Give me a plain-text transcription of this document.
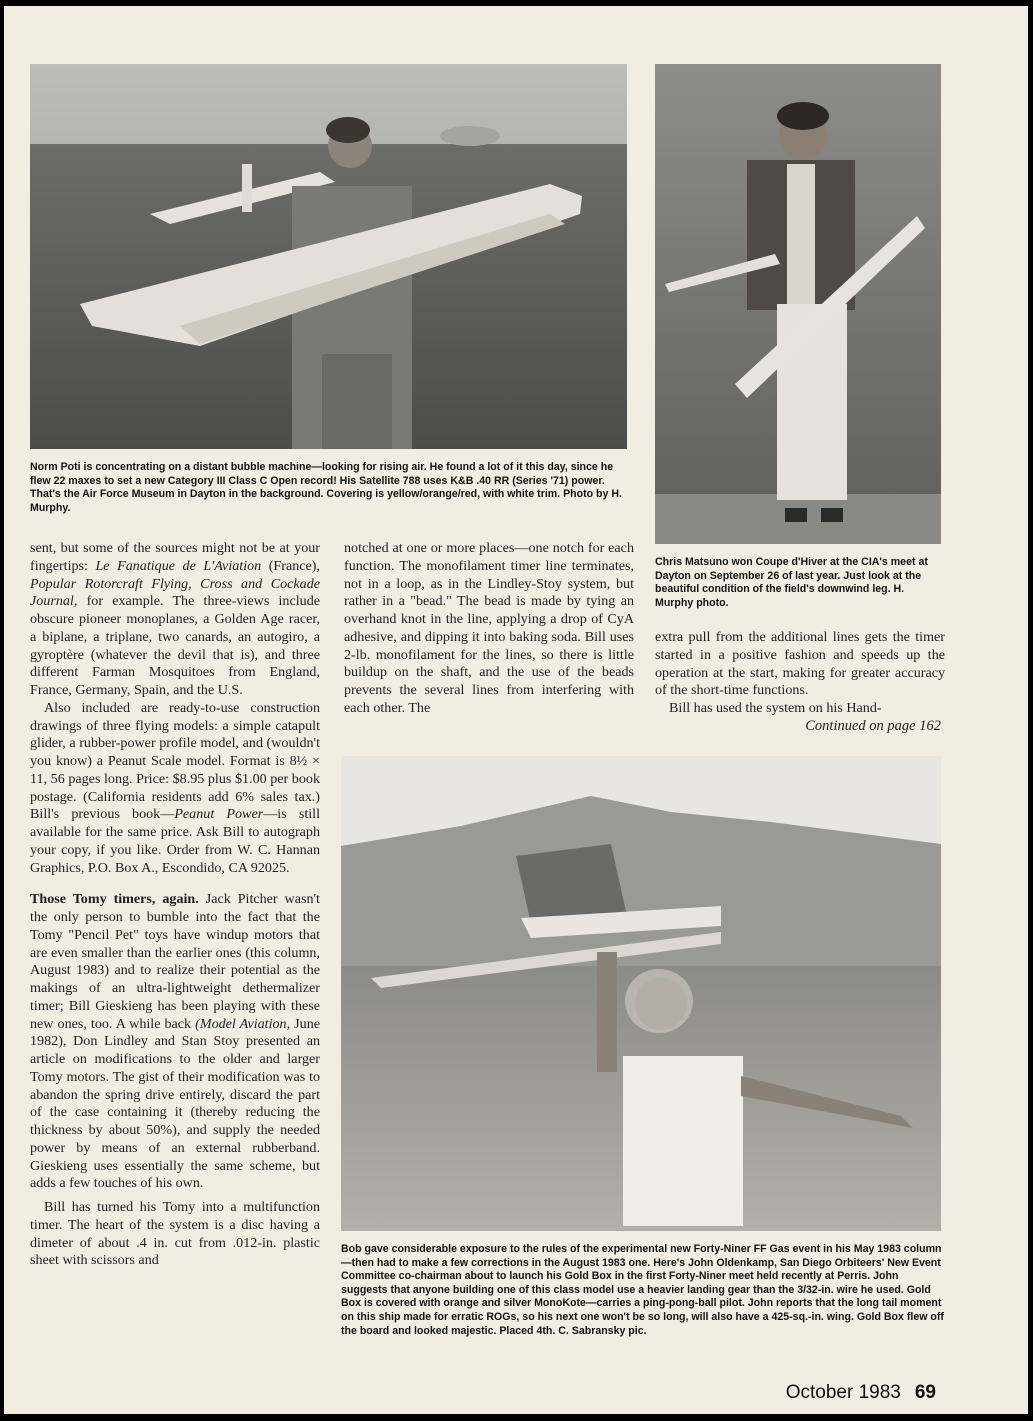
Norm Poti is concentrating on a distant bubble machine—looking for rising air. He found a lot of it this day, since he flew 22 maxes to set a new Category III Class C Open record! His Satellite 788 uses K&B .40 RR (Series '71) power. That's the Air Force Museum in Dayton in the background. Covering is yellow/orange/red, with white trim. Photo by H. Murphy.

Chris Matsuno won Coupe d'Hiver at the CIA's meet at Dayton on September 26 of last year. Just look at the beautiful condition of the field's downwind leg. H. Murphy photo.

sent, but some of the sources might not be at your fingertips: Le Fanatique de L'Aviation (France), Popular Rotorcraft Flying, Cross and Cockade Journal, for example. The three-views include obscure pioneer monoplanes, a Golden Age racer, a biplane, a triplane, two canards, an autogiro, a gyroptère (whatever the devil that is), and three different Farman Mosquitoes from England, France, Germany, Spain, and the U.S.

Also included are ready-to-use construction drawings of three flying models: a simple catapult glider, a rubber-power profile model, and (wouldn't you know) a Peanut Scale model. Format is 8½ × 11, 56 pages long. Price: $8.95 plus $1.00 per book postage. (California residents add 6% sales tax.) Bill's previous book—Peanut Power—is still available for the same price. Ask Bill to autograph your copy, if you like. Order from W. C. Hannan Graphics, P.O. Box A., Escondido, CA 92025.

Those Tomy timers, again. Jack Pitcher wasn't the only person to bumble into the fact that the Tomy "Pencil Pet" toys have windup motors that are even smaller than the earlier ones (this column, August 1983) and to realize their potential as the makings of an ultra-lightweight dethermalizer timer; Bill Gieskieng has been playing with these new ones, too. A while back (Model Aviation, June 1982), Don Lindley and Stan Stoy presented an article on modifications to the older and larger Tomy motors. The gist of their modification was to abandon the spring drive entirely, discard the part of the case containing it (thereby reducing the thickness by about 50%), and supply the needed power by means of an external rubberband. Gieskieng uses essentially the same scheme, but adds a few touches of his own.

Bill has turned his Tomy into a multifunction timer. The heart of the system is a disc having a dimeter of about .4 in. cut from .012-in. plastic sheet with scissors and

notched at one or more places—one notch for each function. The monofilament timer line terminates, not in a loop, as in the Lindley-Stoy system, but rather in a "bead." The bead is made by tying an overhand knot in the line, applying a drop of CyA adhesive, and dipping it into baking soda. Bill uses 2-lb. monofilament for the lines, so there is little buildup on the shaft, and the use of the beads prevents the several lines from interfering with each other. The

extra pull from the additional lines gets the timer started in a positive fashion and speeds up the operation at the start, making for greater accuracy of the short-time functions.

Bill has used the system on his Hand-

Continued on page 162

Bob gave considerable exposure to the rules of the experimental new Forty-Niner FF Gas event in his May 1983 column—then had to make a few corrections in the August 1983 one. Here's John Oldenkamp, San Diego Orbiteers' New Event Committee co-chairman about to launch his Gold Box in the first Forty-Niner meet held recently at Perris. John suggests that anyone building one of this class model use a heavier landing gear than the 3/32-in. wire he used. Gold Box is covered with orange and silver MonoKote—carries a ping-pong-ball pilot. John reports that the long tail moment on this ship made for erratic ROGs, so his next one won't be so long, will also have a 425-sq.-in. wing. Gold Box flew off the board and looked majestic. Placed 4th. C. Sabransky pic.

October 1983 69
